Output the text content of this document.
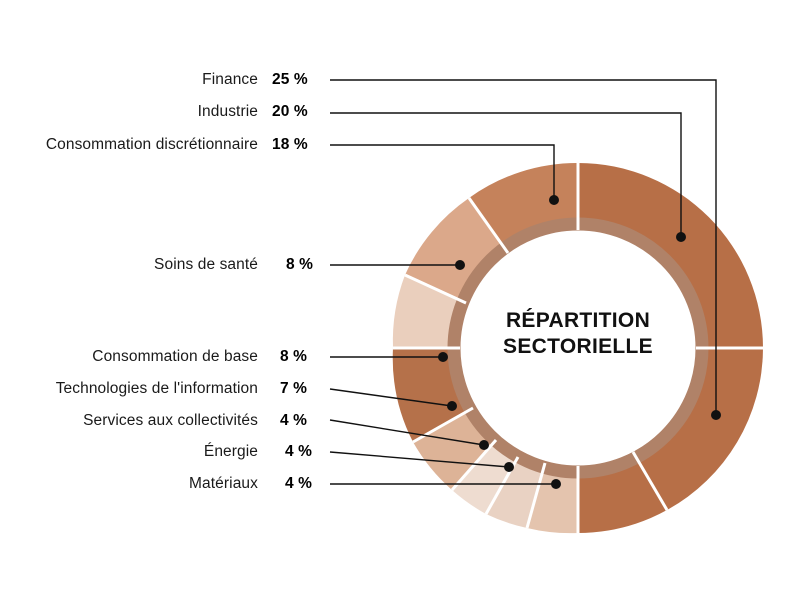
Finance 25 %
Industrie 20 %
Consommation discrétionnaire 18 %
Soins de santé 8 %
Consommation de base 8 %
Technologies de l'information 7 %
Services aux collectivités 4 %
Énergie 4 %
Matériaux 4 %
RÉPARTITION
SECTORIELLE
